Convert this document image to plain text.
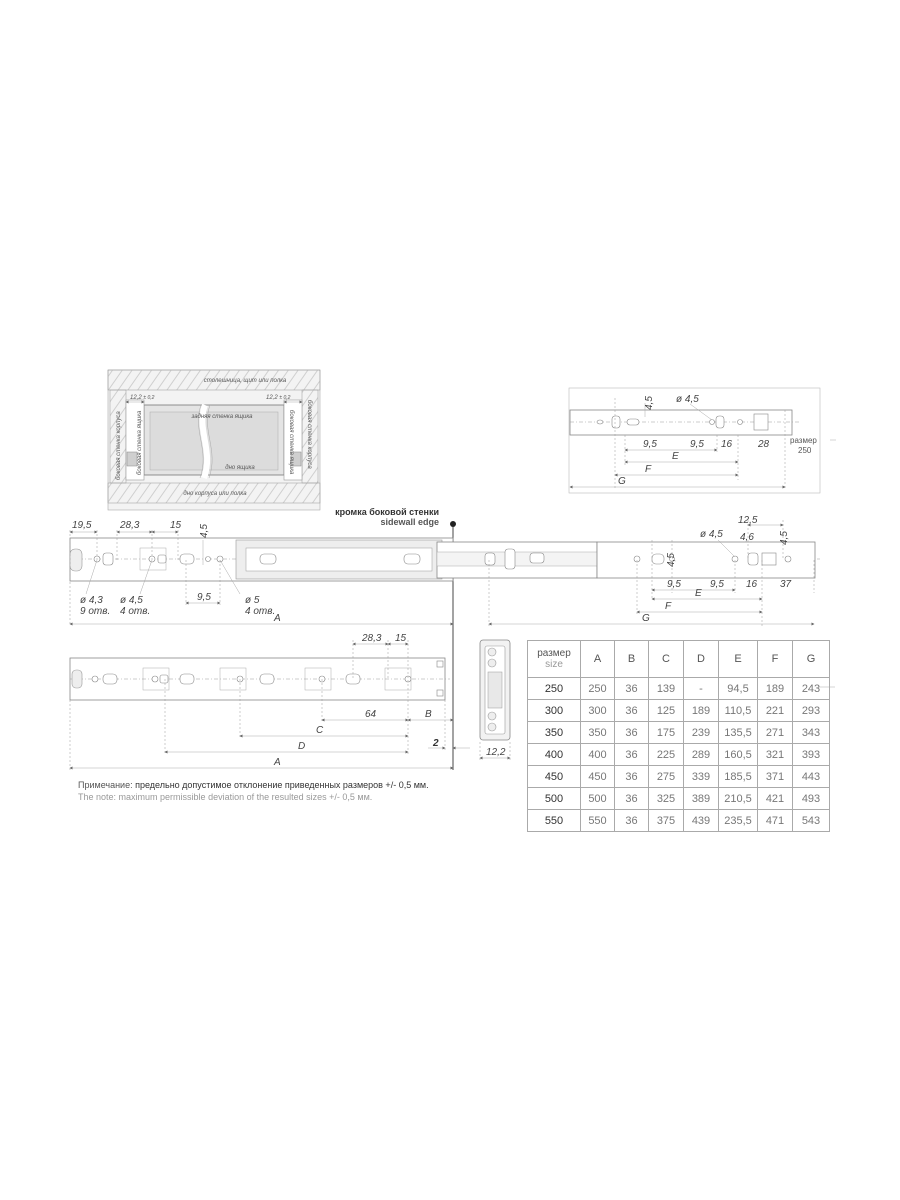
столешница, щит или полка
дно корпуса или полка
задняя стенка ящика
дно ящика
12,2 ± 0,2	12,2 ± 0,2
боковая стенка корпуса	боковая стенка ящика	боковая стенка ящика боковая стенка корпуса	4,5 ø 4,5
9,5	9,5 16	28
E
F
G
размер
250
кромка боковой стенки
sidewall edge
19,5	28,3	15 4,5
ø 4,3
9 отв.
ø 4,5
4 отв.
9,5	ø 5
4 отв.
A
12,5
4,6
ø 4,5
4,5
4,5
9,5	9,5 16 37
E
F
G
28,3 15
64	B
C
D
A
2
12,2
размер
size	A	B	C	D	E	F	G
250	250	36	139	-	94,5	189	243
300	300	36	125	189	110,5	221	293
350	350	36	175	239	135,5	271	343
400	400	36	225	289	160,5	321	393
450	450	36	275	339	185,5	371	443
500	500	36	325	389	210,5	421	493
550	550	36	375	439	235,5	471	543
Примечание: предельно допустимое отклонение приведенных размеров +/- 0,5 мм.
The note: maximum permissible deviation of the resulted sizes +/- 0,5 мм.
